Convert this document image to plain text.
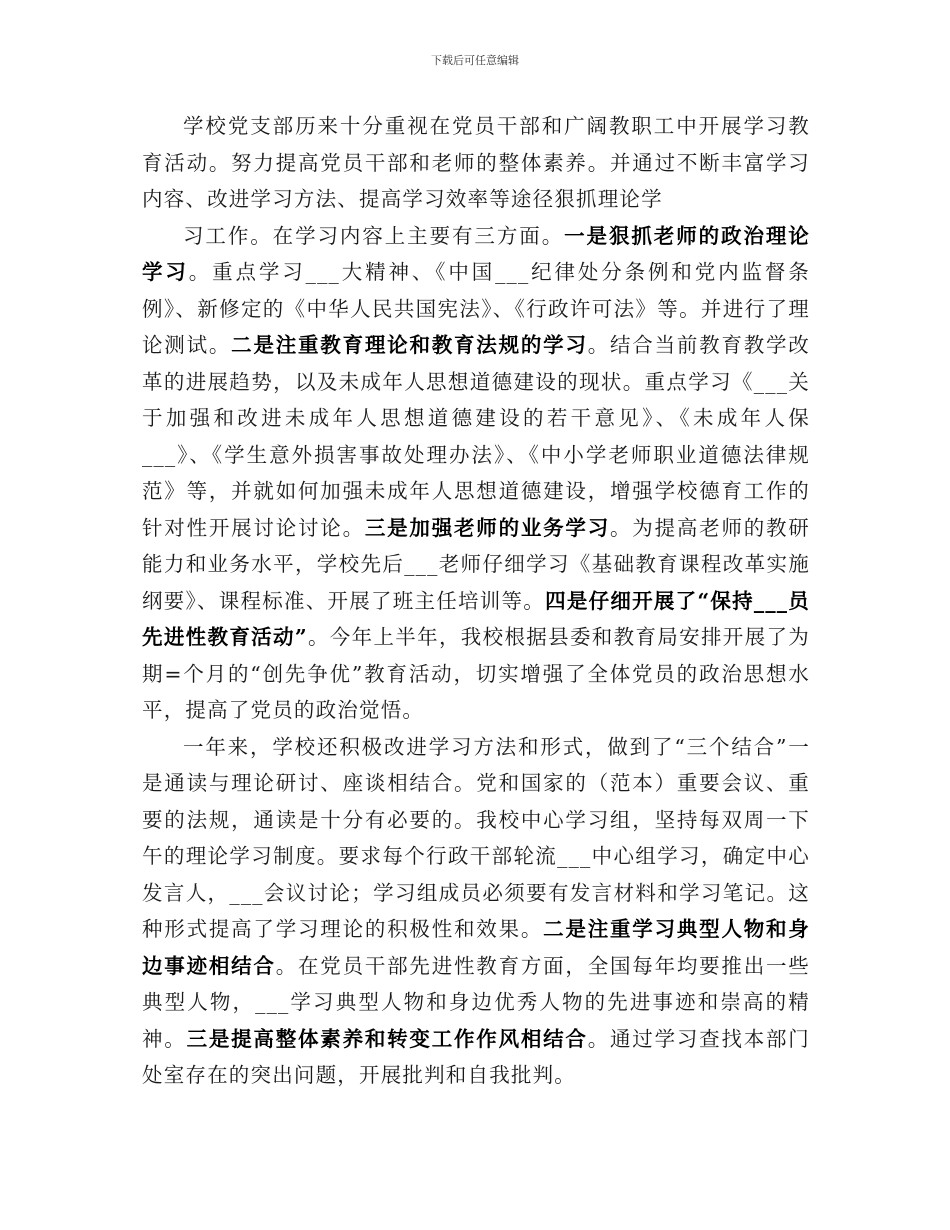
下载后可任意编辑

学校党支部历来十分重视在党员干部和广阔教职工中开展学习教育活动。努力提高党员干部和老师的整体素养。并通过不断丰富学习内容、改进学习方法、提高学习效率等途径狠抓理论学

习工作。在学习内容上主要有三方面。一是狠抓老师的政治理论学习。重点学习___大精神、《中国___纪律处分条例和党内监督条例》、新修定的《中华人民共国宪法》、《行政许可法》等。并进行了理论测试。二是注重教育理论和教育法规的学习。结合当前教育教学改革的进展趋势，以及未成年人思想道德建设的现状。重点学习《___关于加强和改进未成年人思想道德建设的若干意见》、《未成年人保___》、《学生意外损害事故处理办法》、《中小学老师职业道德法律规范》等，并就如何加强未成年人思想道德建设，增强学校德育工作的针对性开展讨论讨论。三是加强老师的业务学习。为提高老师的教研能力和业务水平，学校先后___老师仔细学习《基础教育课程改革实施纲要》、课程标准、开展了班主任培训等。四是仔细开展了“保持___员先进性教育活动”。今年上半年，我校根据县委和教育局安排开展了为期=个月的“创先争优”教育活动，切实增强了全体党员的政治思想水平，提高了党员的政治觉悟。

一年来，学校还积极改进学习方法和形式，做到了“三个结合”一是通读与理论研讨、座谈相结合。党和国家的（范本）重要会议、重要的法规，通读是十分有必要的。我校中心学习组，坚持每双周一下午的理论学习制度。要求每个行政干部轮流___中心组学习，确定中心发言人，___会议讨论；学习组成员必须要有发言材料和学习笔记。这种形式提高了学习理论的积极性和效果。二是注重学习典型人物和身边事迹相结合。在党员干部先进性教育方面，全国每年均要推出一些典型人物，___学习典型人物和身边优秀人物的先进事迹和崇高的精神。三是提高整体素养和转变工作作风相结合。通过学习查找本部门处室存在的突出问题，开展批判和自我批判。
